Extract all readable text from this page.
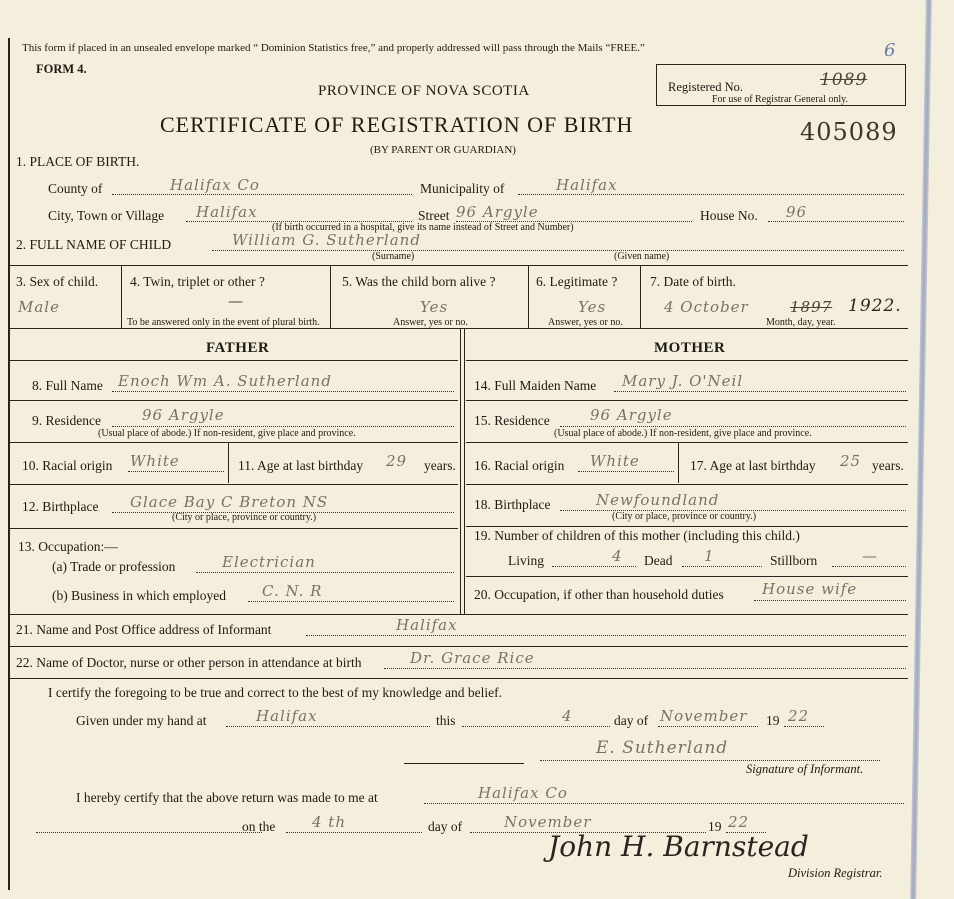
This form if placed in an unsealed envelope marked “ Dominion Statistics free,” and properly addressed will pass through the Mails “FREE.”
FORM 4.
PROVINCE OF NOVA SCOTIA
CERTIFICATE OF REGISTRATION OF BIRTH
(BY PARENT OR GUARDIAN)
Registered No.
For use of Registrar General only.
1089
405089
6
1. PLACE OF BIRTH.
County of	Halifax Co	Municipality of	Halifax
City, Town or Village Halifax	Street 96 Argyle
(If birth occurred in a hospital, give its name instead of Street and Number)
House No. 96
2. FULL NAME OF CHILD	William G. Sutherland
(Surname)	(Given name)
3. Sex of child.
Male
4. Twin, triplet or other ?
—
To be answered only in the event of plural birth.
5. Was the child born alive ?
Yes
Answer, yes or no.
6. Legitimate ?
Yes
Answer, yes or no.
7. Date of birth.
4 October	1897 1922.
Month, day, year.
FATHER	MOTHER
8. Full Name Enoch Wm A. Sutherland
9. Residence	96 Argyle
(Usual place of abode.) If non-resident, give place and province.
10. Racial origin White	11. Age at last birthday 29 years.
12. Birthplace Glace Bay C Breton NS
(City or place, province or country.)
13. Occupation:—
(a) Trade or profession	Electrician
(b) Business in which employed C. N. R
14. Full Maiden Name Mary J. O'Neil
15. Residence	96 Argyle
(Usual place of abode.) If non-resident, give place and province.
16. Racial origin White	17. Age at last birthday 25 years.
18. Birthplace	Newfoundland
(City or place, province or country.)
19. Number of children of this mother (including this child.)
Living	4 Dead 1	Stillborn	—
20. Occupation, if other than household duties	House wife
21. Name and Post Office address of Informant	Halifax
22. Name of Doctor, nurse or other person in attendance at birth	Dr. Grace Rice
I certify the foregoing to be true and correct to the best of my knowledge and belief.
Given under my hand at	Halifax	this	4	day of November 19 22
E. Sutherland
Signature of Informant.
I hereby certify that the above return was made to me at	Halifax Co
on the 4 th	day of	November	19 22
John H. Barnstead
Division Registrar.
